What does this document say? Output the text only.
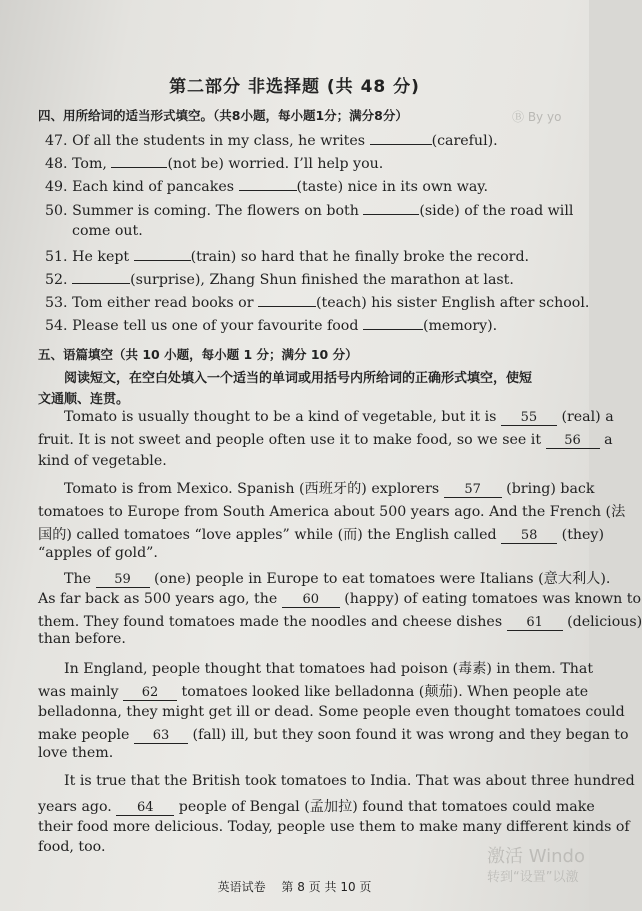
Ⓑ By yo
第二部分 非选择题 (共 48 分)
四、用所给词的适当形式填空。（共8小题，每小题1分；满分8分）
47. Of all the students in my class, he writes	(careful).
48. Tom,	(not be) worried. I’ll help you.
49. Each kind of pancakes	(taste) nice in its own way.
50. Summer is coming. The flowers on both	(side) of the road will
come out.
51. He kept	(train) so hard that he finally broke the record.
52.	(surprise), Zhang Shun finished the marathon at last.
53. Tom either read books or	(teach) his sister English after school.
54. Please tell us one of your favourite food	(memory).
五、语篇填空（共 10 小题，每小题 1 分；满分 10 分）
阅读短文，在空白处填入一个适当的单词或用括号内所给词的正确形式填空，使短
文通顺、连贯。
Tomato is usually thought to be a kind of vegetable, but it is 55 (real) a
fruit. It is not sweet and people often use it to make food, so we see it 56 a
kind of vegetable.
Tomato is from Mexico. Spanish (西班牙的) explorers 57 (bring) back
tomatoes to Europe from South America about 500 years ago. And the French (法
国的) called tomatoes “love apples” while (而) the English called 58 (they)
“apples of gold”.
The 59 (one) people in Europe to eat tomatoes were Italians (意大利人).
As far back as 500 years ago, the 60 (happy) of eating tomatoes was known to
them. They found tomatoes made the noodles and cheese dishes 61 (delicious)
than before.
In England, people thought that tomatoes had poison (毒素) in them. That
was mainly 62 tomatoes looked like belladonna (颠茄). When people ate
belladonna, they might get ill or dead. Some people even thought tomatoes could
make people 63 (fall) ill, but they soon found it was wrong and they began to
love them.
It is true that the British took tomatoes to India. That was about three hundred
years ago. 64 people of Bengal (孟加拉) found that tomatoes could make
their food more delicious. Today, people use them to make many different kinds of
food, too.
英语试卷 第 8 页 共 10 页
激活 Windo
转到“设置”以激
